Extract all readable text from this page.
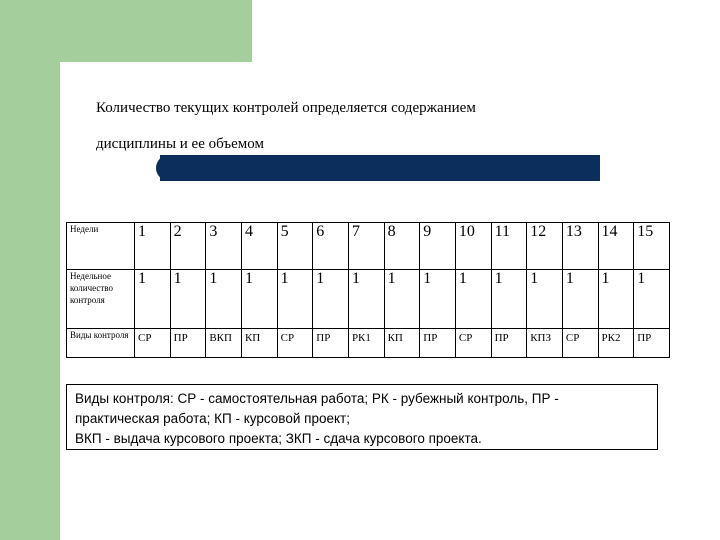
Количество текущих контролей определяется содержанием
дисциплины и ее объемом
Недели	1	2	3	4	5	6	7	8	9	10	11	12	13	14	15
Недельное количество контроля	1	1	1	1	1	1	1	1	1	1	1	1	1	1	1
Виды контроля	СР	ПР	ВКП	КП	СР	ПР	РК1	КП	ПР	СР	ПР	КПЗ	СР	РК2	ПР
Виды контроля: СР - самостоятельная работа; РК - рубежный контроль, ПР -
практическая работа; КП - курсовой проект;
ВКП - выдача курсового проекта; ЗКП - сдача курсового проекта.
